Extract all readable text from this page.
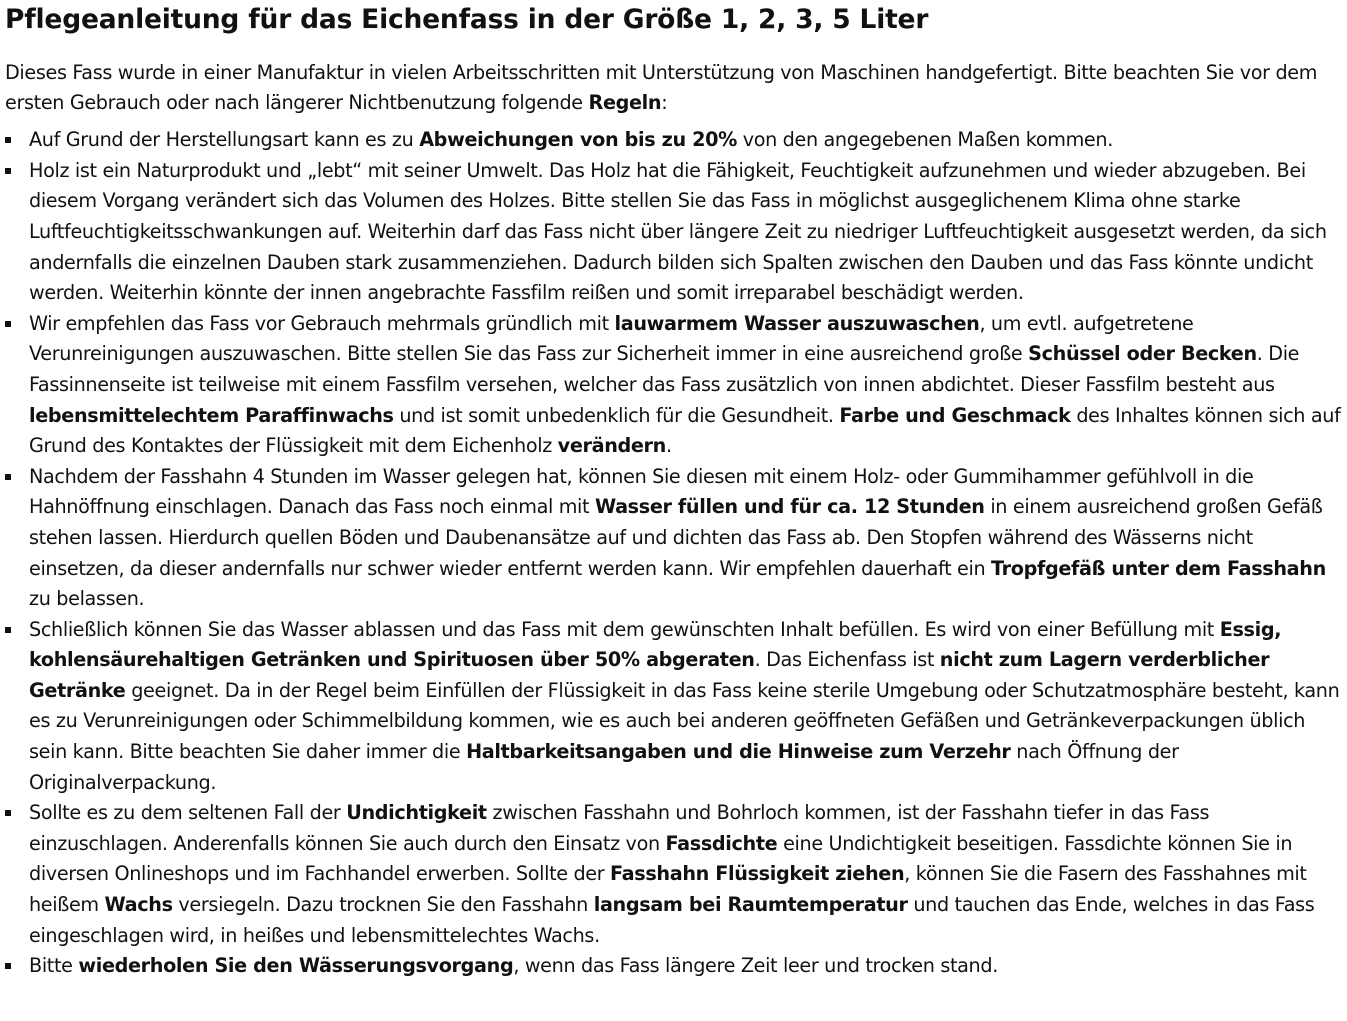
Pflegeanleitung für das Eichenfass in der Größe 1, 2, 3, 5 Liter

Dieses Fass wurde in einer Manufaktur in vielen Arbeitsschritten mit Unterstützung von Maschinen handgefertigt. Bitte beachten Sie vor dem ersten Gebrauch oder nach längerer Nichtbenutzung folgende Regeln:

Auf Grund der Herstellungsart kann es zu Abweichungen von bis zu 20% von den angegebenen Maßen kommen.
Holz ist ein Naturprodukt und „lebt“ mit seiner Umwelt. Das Holz hat die Fähigkeit, Feuchtigkeit aufzunehmen und wieder abzugeben. Bei diesem Vorgang verändert sich das Volumen des Holzes. Bitte stellen Sie das Fass in möglichst ausgeglichenem Klima ohne starke Luftfeuchtigkeitsschwankungen auf. Weiterhin darf das Fass nicht über längere Zeit zu niedriger Luftfeuchtigkeit ausgesetzt werden, da sich andernfalls die einzelnen Dauben stark zusammenziehen. Dadurch bilden sich Spalten zwischen den Dauben und das Fass könnte undicht werden. Weiterhin könnte der innen angebrachte Fassfilm reißen und somit irreparabel beschädigt werden.
Wir empfehlen das Fass vor Gebrauch mehrmals gründlich mit lauwarmem Wasser auszuwaschen, um evtl. aufgetretene Verunreinigungen auszuwaschen. Bitte stellen Sie das Fass zur Sicherheit immer in eine ausreichend große Schüssel oder Becken. Die Fassinnenseite ist teilweise mit einem Fassfilm versehen, welcher das Fass zusätzlich von innen abdichtet. Dieser Fassfilm besteht aus lebensmittelechtem Paraffinwachs und ist somit unbedenklich für die Gesundheit. Farbe und Geschmack des Inhaltes können sich auf Grund des Kontaktes der Flüssigkeit mit dem Eichenholz verändern.
Nachdem der Fasshahn 4 Stunden im Wasser gelegen hat, können Sie diesen mit einem Holz- oder Gummihammer gefühlvoll in die Hahnöffnung einschlagen. Danach das Fass noch einmal mit Wasser füllen und für ca. 12 Stunden in einem ausreichend großen Gefäß stehen lassen. Hierdurch quellen Böden und Daubenansätze auf und dichten das Fass ab. Den Stopfen während des Wässerns nicht einsetzen, da dieser andernfalls nur schwer wieder entfernt werden kann. Wir empfehlen dauerhaft ein Tropfgefäß unter dem Fasshahn zu belassen.
Schließlich können Sie das Wasser ablassen und das Fass mit dem gewünschten Inhalt befüllen. Es wird von einer Befüllung mit Essig, kohlensäurehaltigen Getränken und Spirituosen über 50% abgeraten. Das Eichenfass ist nicht zum Lagern verderblicher Getränke geeignet. Da in der Regel beim Einfüllen der Flüssigkeit in das Fass keine sterile Umgebung oder Schutzatmosphäre besteht, kann es zu Verunreinigungen oder Schimmelbildung kommen, wie es auch bei anderen geöffneten Gefäßen und Getränkeverpackungen üblich sein kann. Bitte beachten Sie daher immer die Haltbarkeitsangaben und die Hinweise zum Verzehr nach Öffnung der Originalverpackung.
Sollte es zu dem seltenen Fall der Undichtigkeit zwischen Fasshahn und Bohrloch kommen, ist der Fasshahn tiefer in das Fass einzuschlagen. Anderenfalls können Sie auch durch den Einsatz von Fassdichte eine Undichtigkeit beseitigen. Fassdichte können Sie in diversen Onlineshops und im Fachhandel erwerben. Sollte der Fasshahn Flüssigkeit ziehen, können Sie die Fasern des Fasshahnes mit heißem Wachs versiegeln. Dazu trocknen Sie den Fasshahn langsam bei Raumtemperatur und tauchen das Ende, welches in das Fass eingeschlagen wird, in heißes und lebensmittelechtes Wachs.
Bitte wiederholen Sie den Wässerungsvorgang, wenn das Fass längere Zeit leer und trocken stand.
